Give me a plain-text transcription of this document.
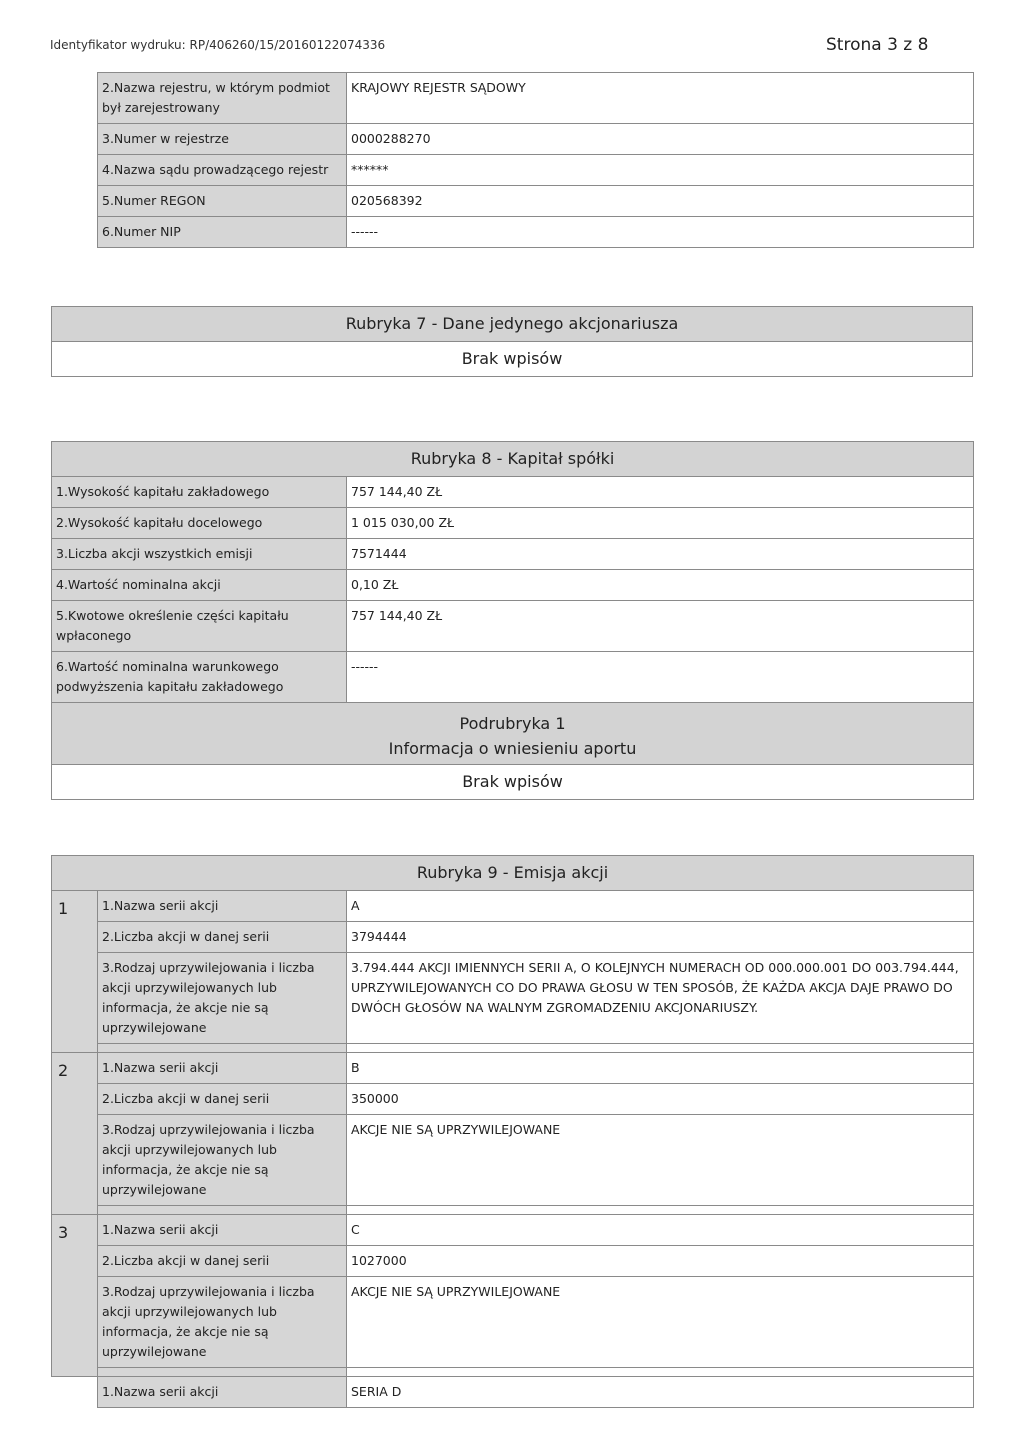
Identyfikator wydruku: RP/406260/15/20160122074336	Strona 3 z 8
2.Nazwa rejestru, w którym podmiot był zarejestrowany	KRAJOWY REJESTR SĄDOWY
3.Numer w rejestrze	0000288270
4.Nazwa sądu prowadzącego rejestr	******
5.Numer REGON	020568392
6.Numer NIP	------
Rubryka 7 - Dane jedynego akcjonariusza
Brak wpisów
Rubryka 8 - Kapitał spółki	
1.Wysokość kapitału zakładowego	757 144,40 ZŁ
2.Wysokość kapitału docelowego	1 015 030,00 ZŁ
3.Liczba akcji wszystkich emisji	7571444
4.Wartość nominalna akcji	0,10 ZŁ
5.Kwotowe określenie części kapitału wpłaconego	757 144,40 ZŁ
6.Wartość nominalna warunkowego podwyższenia kapitału zakładowego	------

Podrubryka 1
Informacja o wniesieniu aportu	

Brak wpisów	
Rubryka 9 - Emisja akcji		
1	1.Nazwa serii akcji	A
	2.Liczba akcji w danej serii	3794444
	3.Rodzaj uprzywilejowania i liczba akcji uprzywilejowanych lub informacja, że akcje nie są uprzywilejowane	3.794.444 AKCJI IMIENNYCH SERII A, O KOLEJNYCH NUMERACH OD 000.000.001 DO 003.794.444, UPRZYWILEJOWANYCH CO DO PRAWA GŁOSU W TEN SPOSÓB, ŻE KAŻDA AKCJA DAJE PRAWO DO DWÓCH GŁOSÓW NA WALNYM ZGROMADZENIU AKCJONARIUSZY.

2	1.Nazwa serii akcji	B
	2.Liczba akcji w danej serii	350000
	3.Rodzaj uprzywilejowania i liczba akcji uprzywilejowanych lub informacja, że akcje nie są uprzywilejowane	AKCJE NIE SĄ UPRZYWILEJOWANE

3	1.Nazwa serii akcji	C
	2.Liczba akcji w danej serii	1027000
	3.Rodzaj uprzywilejowania i liczba akcji uprzywilejowanych lub informacja, że akcje nie są uprzywilejowane	AKCJE NIE SĄ UPRZYWILEJOWANE

	1.Nazwa serii akcji	SERIA D
